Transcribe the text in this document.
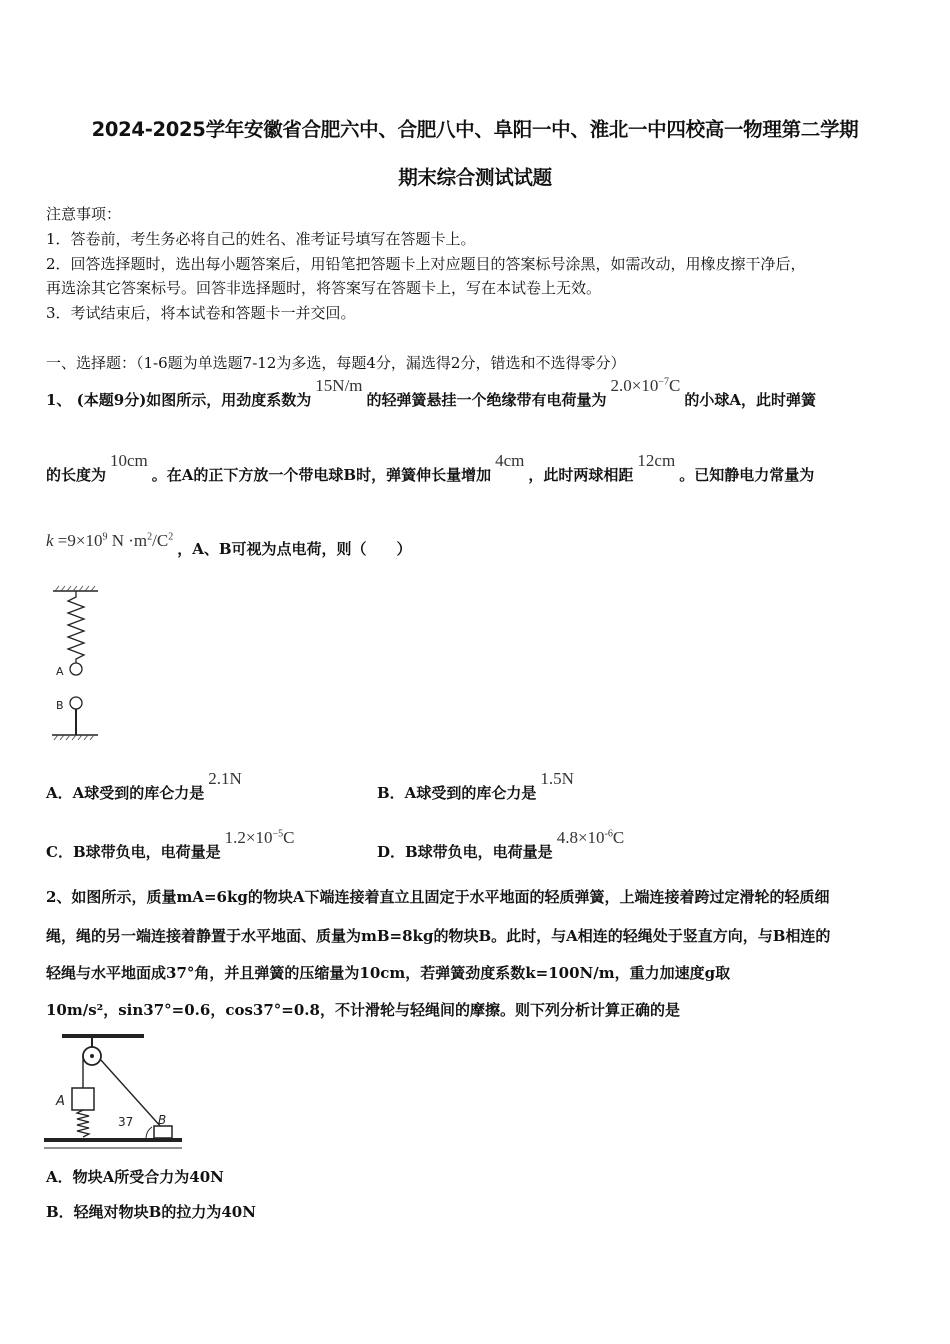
2024-2025学年安徽省合肥六中、合肥八中、阜阳一中、淮北一中四校高一物理第二学期
期末综合测试试题
注意事项：
1．答卷前，考生务必将自己的姓名、准考证号填写在答题卡上。
2．回答选择题时，选出每小题答案后，用铅笔把答题卡上对应题目的答案标号涂黑，如需改动，用橡皮擦干净后，
再选涂其它答案标号。回答非选择题时，将答案写在答题卡上，写在本试卷上无效。
3．考试结束后，将本试卷和答题卡一并交回。
一、选择题：（1-6题为单选题7-12为多选，每题4分，漏选得2分，错选和不选得零分）
1、 (本题9分)如图所示，用劲度系数为15N/m的轻弹簧悬挂一个绝缘带有电荷量为$2.0\times 10^{-7}C$的小球A，此时弹簧
的长度为10cm。在A的正下方放一个带电球B时，弹簧伸长量增加4cm，此时两球相距12cm。已知静电力常量为
$k =9\times 10^9$ $N \cdot m^2/C^2$，A、B可视为点电荷，则（　　）
A
B
A．A球受到的库仑力是2.1N
B．A球受到的库仑力是1.5N
C．B球带负电，电荷量是$1.2\times 10^{-5}C$
D．B球带负电，电荷量是$4.8\times 10^{-6}C$
2、如图所示，质量mA=6kg的物块A下端连接着直立且固定于水平地面的轻质弹簧，上端连接着跨过定滑轮的轻质细
绳，绳的另一端连接着静置于水平地面、质量为mB=8kg的物块B。此时，与A相连的轻绳处于竖直方向，与B相连的
轻绳与水平地面成37°角，并且弹簧的压缩量为10cm，若弹簧劲度系数k=100N/m，重力加速度g取
10m/s²，sin37°=0.6，cos37°=0.8，不计滑轮与轻绳间的摩擦。则下列分析计算正确的是
A
B
37
A．物块A所受合力为40N
B．轻绳对物块B的拉力为40N
